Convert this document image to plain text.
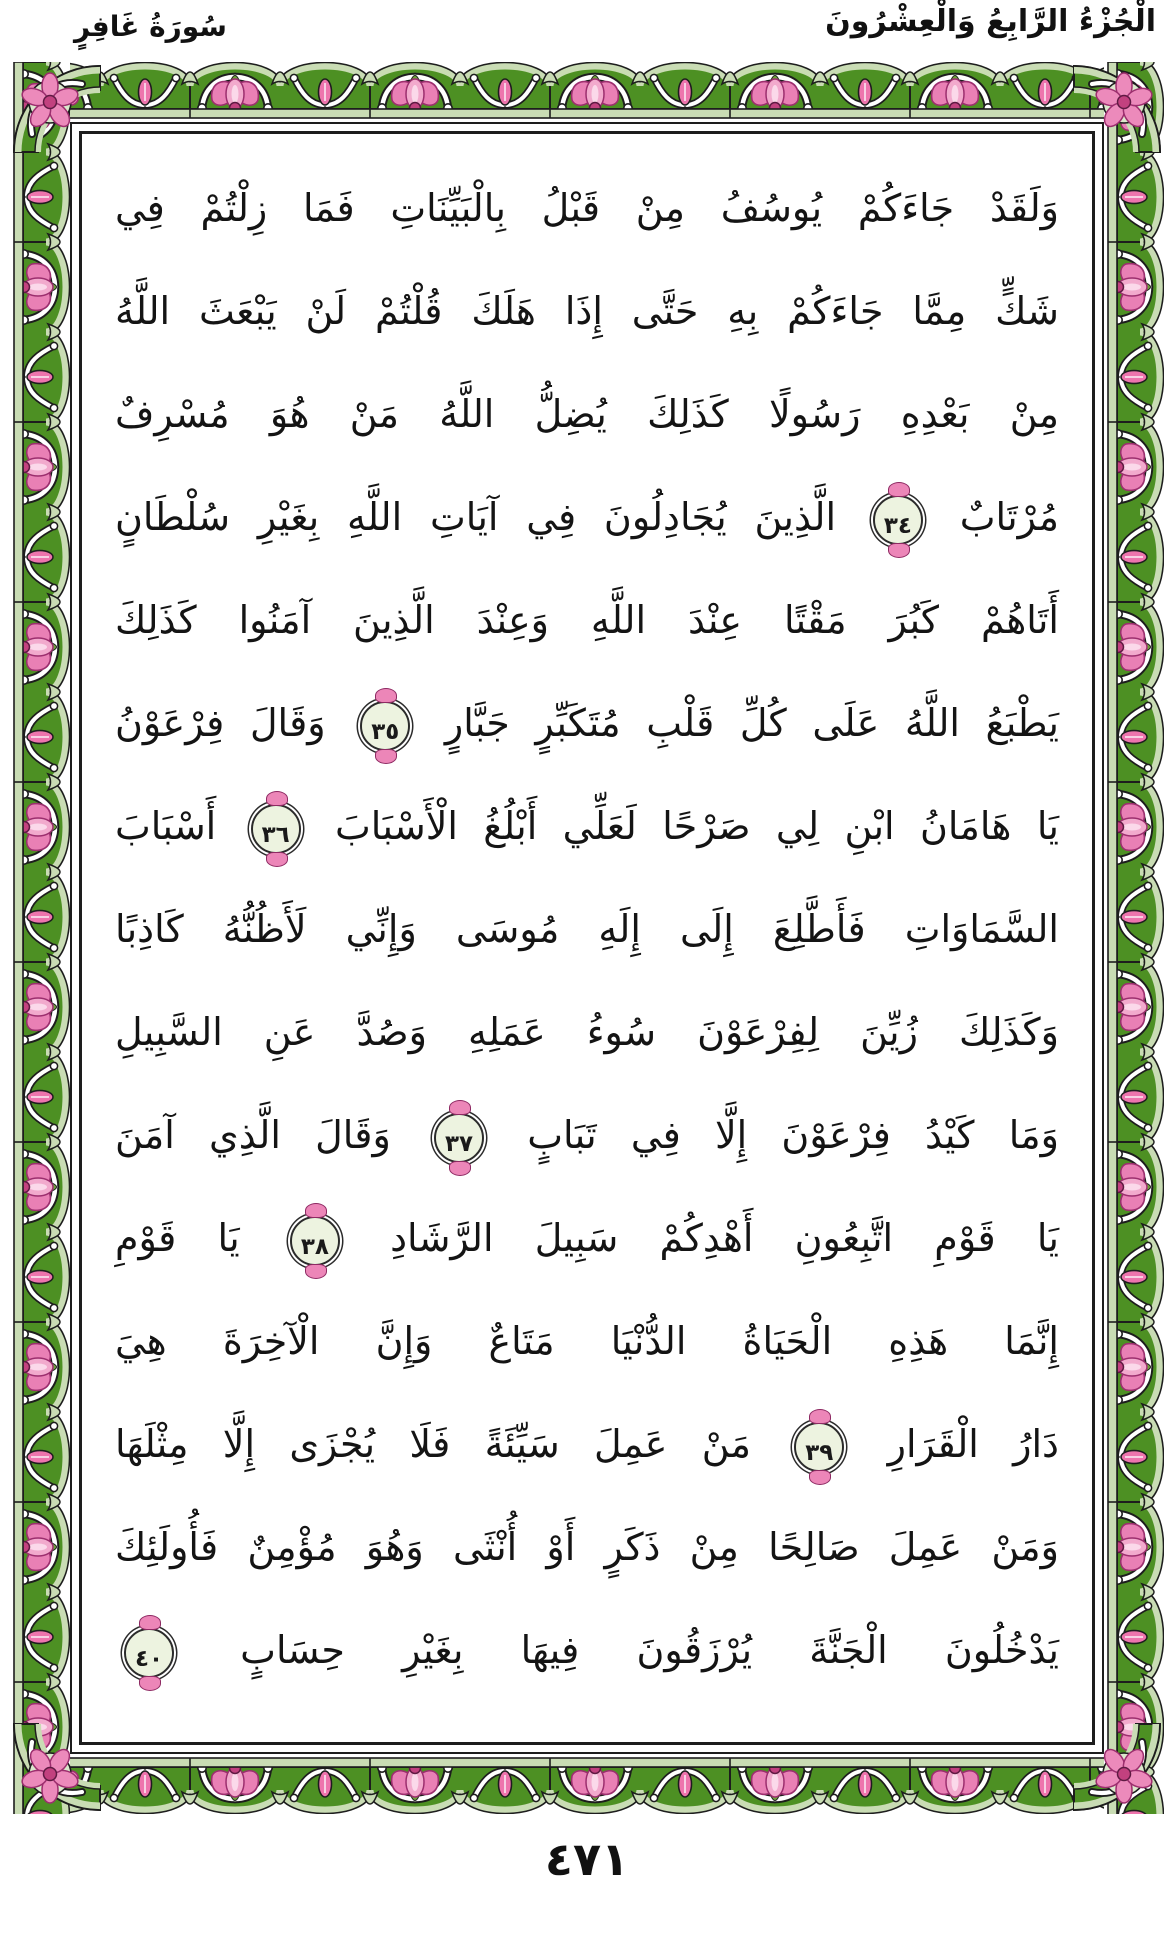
الْجُزْءُ الرَّابِعُ وَالْعِشْرُونَ
سُورَةُ غَافِرٍ
وَلَقَدْ جَاءَكُمْ يُوسُفُ مِنْ قَبْلُ بِالْبَيِّنَاتِ فَمَا زِلْتُمْ فِي
شَكٍّ مِمَّا جَاءَكُمْ بِهِ حَتَّى إِذَا هَلَكَ قُلْتُمْ لَنْ يَبْعَثَ اللَّهُ
مِنْ بَعْدِهِ رَسُولًا كَذَلِكَ يُضِلُّ اللَّهُ مَنْ هُوَ مُسْرِفٌ
مُرْتَابٌ ٣٤ الَّذِينَ يُجَادِلُونَ فِي آيَاتِ اللَّهِ بِغَيْرِ سُلْطَانٍ
أَتَاهُمْ كَبُرَ مَقْتًا عِنْدَ اللَّهِ وَعِنْدَ الَّذِينَ آمَنُوا كَذَلِكَ
يَطْبَعُ اللَّهُ عَلَى كُلِّ قَلْبِ مُتَكَبِّرٍ جَبَّارٍ ٣٥ وَقَالَ فِرْعَوْنُ
يَا هَامَانُ ابْنِ لِي صَرْحًا لَعَلِّي أَبْلُغُ الْأَسْبَابَ ٣٦ أَسْبَابَ
السَّمَاوَاتِ فَأَطَّلِعَ إِلَى إِلَهِ مُوسَى وَإِنِّي لَأَظُنُّهُ كَاذِبًا
وَكَذَلِكَ زُيِّنَ لِفِرْعَوْنَ سُوءُ عَمَلِهِ وَصُدَّ عَنِ السَّبِيلِ
وَمَا كَيْدُ فِرْعَوْنَ إِلَّا فِي تَبَابٍ ٣٧ وَقَالَ الَّذِي آمَنَ
يَا قَوْمِ اتَّبِعُونِ أَهْدِكُمْ سَبِيلَ الرَّشَادِ ٣٨ يَا قَوْمِ
إِنَّمَا هَذِهِ الْحَيَاةُ الدُّنْيَا مَتَاعٌ وَإِنَّ الْآخِرَةَ هِيَ
دَارُ الْقَرَارِ ٣٩ مَنْ عَمِلَ سَيِّئَةً فَلَا يُجْزَى إِلَّا مِثْلَهَا
وَمَنْ عَمِلَ صَالِحًا مِنْ ذَكَرٍ أَوْ أُنْثَى وَهُوَ مُؤْمِنٌ فَأُولَئِكَ
يَدْخُلُونَ الْجَنَّةَ يُرْزَقُونَ فِيهَا بِغَيْرِ حِسَابٍ ٤٠
٤٧١
